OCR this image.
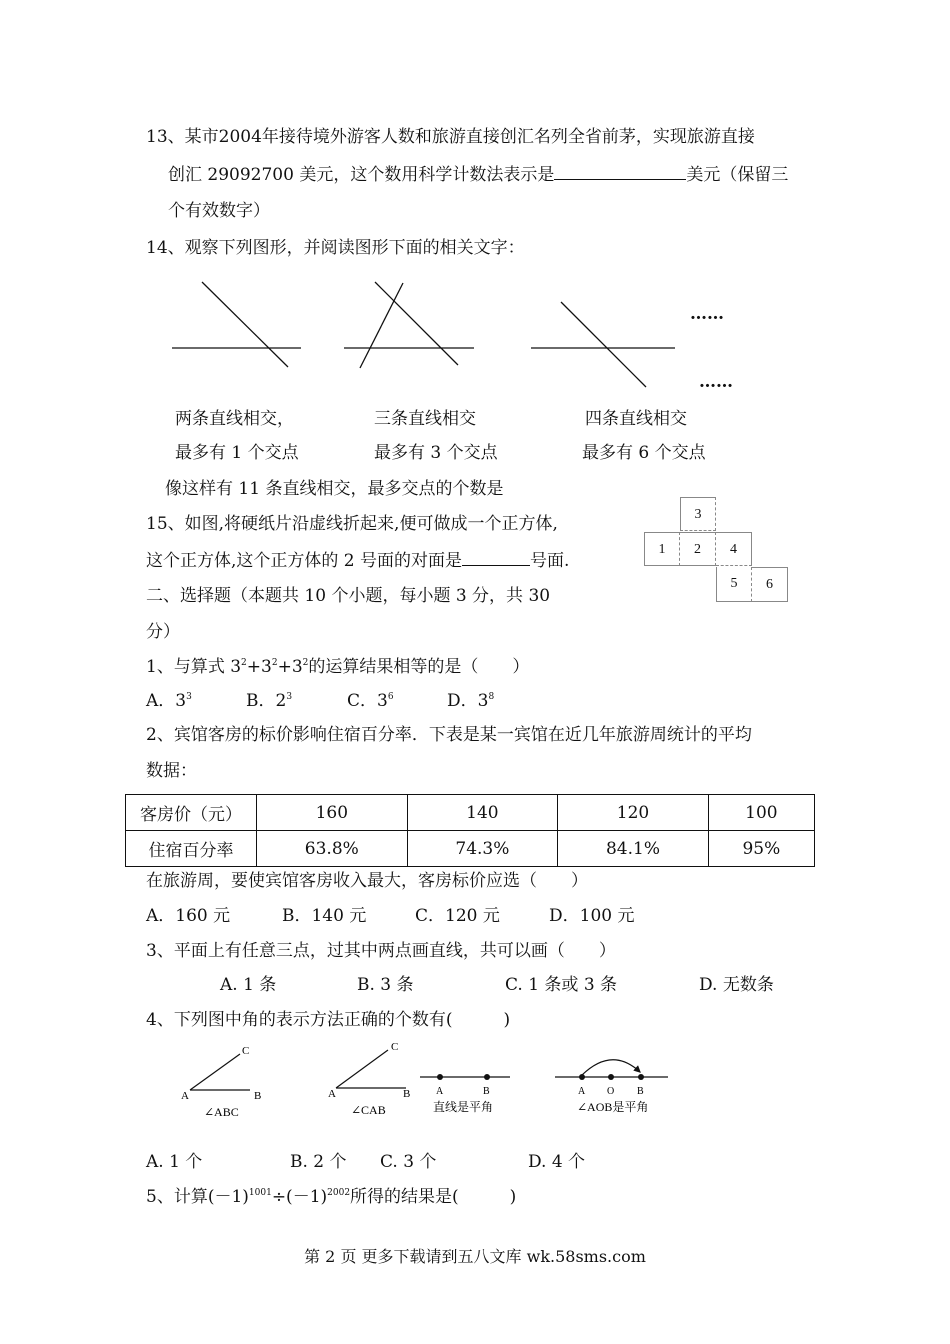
13、某市2004年接待境外游客人数和旅游直接创汇名列全省前茅，实现旅游直接
创汇 29092700 美元，这个数用科学计数法表示是	美元（保留三
个有效数字）
14、观察下列图形，并阅读图形下面的相关文字：
……
……
两条直线相交，
最多有 1 个交点
三条直线相交
最多有 3 个交点
四条直线相交
最多有 6 个交点
像这样有 11 条直线相交，最多交点的个数是
15、如图,将硬纸片沿虚线折起来,便可做成一个正方体,
这个正方体,这个正方体的 2 号面的对面是	号面.
3
1	2	4
5	6
二、选择题（本题共 10 个小题，每小题 3 分，共 30
分）
1、与算式 $3^2+3^2+3^2$的运算结果相等的是（　　）
A．$3^3$	B．$2^3$	C．$3^6$	D．$3^8$
2、宾馆客房的标价影响住宿百分率．下表是某一宾馆在近几年旅游周统计的平均
数据：
客房价（元）	160	140	120	100
住宿百分率	63.8%	74.3%	84.1%	95%
在旅游周，要使宾馆客房收入最大，客房标价应选（　　）
A．160 元	B．140 元	C．120 元	D．100 元
3、平面上有任意三点，过其中两点画直线，共可以画（　　）
A. 1 条	B. 3 条	C. 1 条或 3 条	D. 无数条
4、下列图中角的表示方法正确的个数有(　　　)
A	B
C
∠ABC
A
C
B
∠CAB
A	B
直线是平角
A O B
∠AOB是平角
A. 1 个	B. 2 个 C. 3 个	D. 4 个
5、计算$(-1)^{1001}\div(-1)^{2002}$所得的结果是(　　　)
第 2 页 更多下载请到五八文库 wk.58sms.com
